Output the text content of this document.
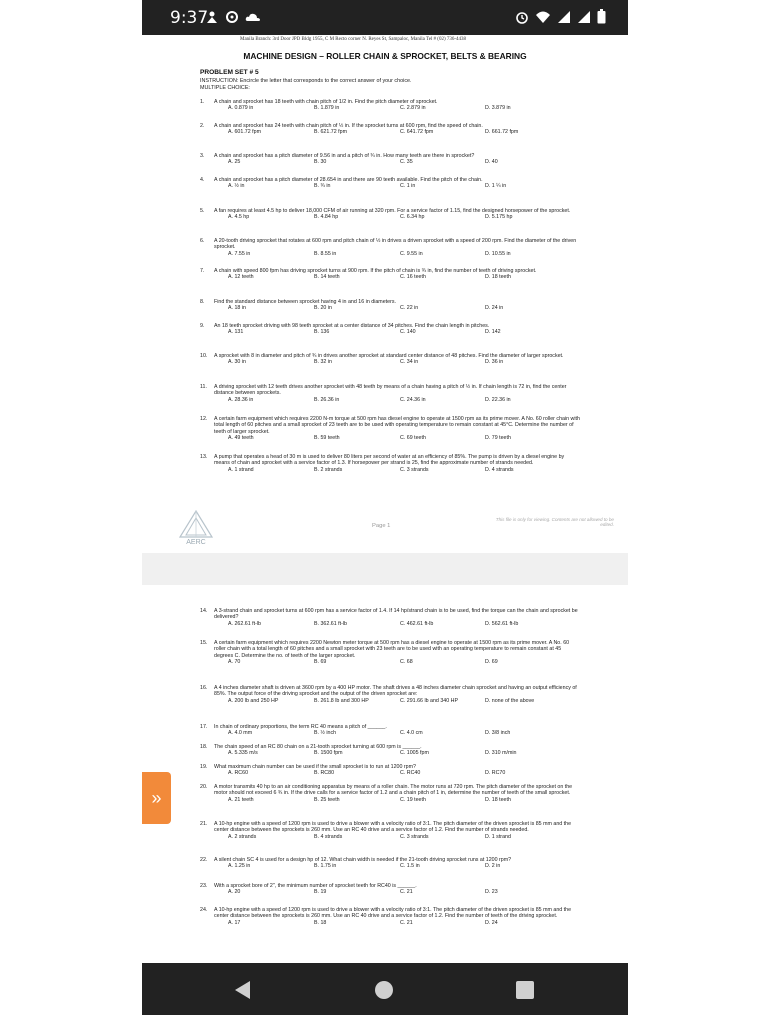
9:37
Manila Branch: 3rd Door JPD Bldg 1955, C M Recto corner N. Reyes St, Sampaloc, Manila Tel # (02) 736-4438
MACHINE DESIGN – ROLLER CHAIN & SPROCKET, BELTS & BEARING
PROBLEM SET # 5
INSTRUCTION: Encircle the letter that corresponds to the correct answer of your choice.
MULTIPLE CHOICE:
1. A chain and sprocket has 18 teeth with chain pitch of 1/2 in. Find the pitch diameter of sprocket.
A. 0.879 in	B. 1.879 in	C. 2.879 in	D. 3.879 in
2. A chain and sprocket has 24 teeth with chain pitch of ½ in. If the sprocket turns at 600 rpm, find the speed of chain.
A. 601.72 fpm	B. 621.72 fpm	C. 641.72 fpm	D. 661.72 fpm
3. A chain and sprocket has a pitch diameter of 9.56 in and a pitch of ¾ in. How many teeth are there in sprocket?
A. 25	B. 30	C. 35	D. 40
4. A chain and sprocket has a pitch diameter of 28.654 in and there are 90 teeth available. Find the pitch of the chain.
A. ½ in	B. ¾ in	C. 1 in	D. 1 ¼ in
5. A fan requires at least 4.5 hp to deliver 18,000 CFM of air running at 320 rpm. For a service factor of 1.15, find the designed horsepower of the sprocket.
A. 4.5 hp	B. 4.84 hp	C. 6.34 hp	D. 5.175 hp
6. A 20-tooth driving sprocket that rotates at 600 rpm and pitch chain of ½ in drives a driven sprocket with a speed of 200 rpm. Find the diameter of the driven sprocket.
A. 7.55 in	B. 8.55 in	C. 9.55 in	D. 10.55 in
7. A chain with speed 800 fpm has driving sprocket turns at 900 rpm. If the pitch of chain is ¾ in, find the number of teeth of driving sprocket.
A. 12 teeth	B. 14 teeth	C. 16 teeth	D. 18 teeth
8. Find the standard distance between sprocket having 4 in and 16 in diameters.
A. 18 in	B. 20 in	C. 22 in	D. 24 in
9. An 18 teeth sprocket driving with 98 teeth sprocket at a center distance of 34 pitches. Find the chain length in pitches.
A. 131	B. 136	C. 140	D. 142
10. A sprocket with 8 in diameter and pitch of ¾ in drives another sprocket at standard center distance of 48 pitches. Find the diameter of larger sprocket.
A. 30 in	B. 32 in	C. 34 in	D. 36 in
11. A driving sprocket with 12 teeth drives another sprocket with 48 teeth by means of a chain having a pitch of ½ in. If chain length is 72 in, find the center distance between sprockets.
A. 28.36 in	B. 26.36 in	C. 24.36 in	D. 22.36 in
12. A certain farm equipment which requires 2200 N-m torque at 500 rpm has diesel engine to operate at 1500 rpm as its prime mover. A No. 60 roller chain with total length of 60 pitches and a small sprocket of 23 teeth are to be used with operating temperature to remain constant at 45°C. Determine the number of teeth of larger sprocket.
A. 49 teeth	B. 59 teeth	C. 69 teeth	D. 79 teeth
13. A pump that operates a head of 30 m is used to deliver 80 liters per second of water at an efficiency of 85%. The pump is driven by a diesel engine by means of chain and sprocket with a service factor of 1.3. If horsepower per strand is 25, find the approximate number of strands needed.
A. 1 strand	B. 2 strands	C. 3 strands	D. 4 strands
AERC
Page 1
This file is only for viewing. Contents are not allowed to be edited.
14. A 3-strand chain and sprocket turns at 600 rpm has a service factor of 1.4. If 14 hp/strand chain is to be used, find the torque can the chain and sprocket be delivered?
A. 262.61 ft-lb	B. 362.61 ft-lb	C. 462.61 ft-lb	D. 562.61 ft-lb
15. A certain farm equipment which requires 2200 Newton meter torque at 500 rpm has a diesel engine to operate at 1500 rpm as its prime mover. A No. 60 roller chain with a total length of 60 pitches and a small sprocket with 23 teeth are to be used with an operating temperature to remain constant at 45 degrees C. Determine the no. of teeth of the larger sprocket.
A. 70	B. 69	C. 68	D. 69
16. A 4 inches diameter shaft is driven at 3600 rpm by a 400 HP motor. The shaft drives a 48 inches diameter chain sprocket and having an output efficiency of 85%. The output force of the driving sprocket and the output of the driven sprocket are:
A. 200 lb and 250 HP	B. 261.8 lb and 300 HP	C. 291.66 lb and 340 HP	D. none of the above
17. In chain of ordinary proportions, the term RC 40 means a pitch of ______.
A. 4.0 mm	B. ½ inch	C. 4.0 cm	D. 3/8 inch
18. The chain speed of an RC 80 chain on a 21-tooth sprocket turning at 600 rpm is ______.
A. 5.335 m/s	B. 1500 fpm	C. 1005 fpm	D. 310 m/min
19. What maximum chain number can be used if the small sprocket is to run at 1200 rpm?
A. RC60	B. RC80	C. RC40	D. RC70
20. A motor transmits 40 hp to an air conditioning apparatus by means of a roller chain. The motor runs at 720 rpm. The pitch diameter of the sprocket on the motor should not exceed 6 ¾ in. If the drive calls for a service factor of 1.2 and a chain pitch of 1 in, determine the number of teeth of the small sprocket.
A. 21 teeth	B. 25 teeth	C. 19 teeth	D. 18 teeth
21. A 10-hp engine with a speed of 1200 rpm is used to drive a blower with a velocity ratio of 3:1. The pitch diameter of the driven sprocket is 85 mm and the center distance between the sprockets is 260 mm. Use an RC 40 drive and a service factor of 1.2. Find the number of strands needed.
A. 2 strands	B. 4 strands	C. 3 strands	D. 1 strand
22. A silent chain SC 4 is used for a design hp of 12. What chain width is needed if the 21-tooth driving sprocket runs at 1200 rpm?
A. 1.25 in	B. 1.75 in	C. 1.5 in	D. 2 in
23. With a sprocket bore of 2", the minimum number of sprocket teeth for RC40 is ______.
A. 20	B. 19	C. 21	D. 23
24. A 10-hp engine with a speed of 1200 rpm is used to drive a blower with a velocity ratio of 3:1. The pitch diameter of the driven sprocket is 85 mm and the center distance between the sprockets is 260 mm. Use an RC 40 drive and a service factor of 1.2. Find the number of teeth of the driving sprocket.
A. 17	B. 18	C. 21	D. 24
»
